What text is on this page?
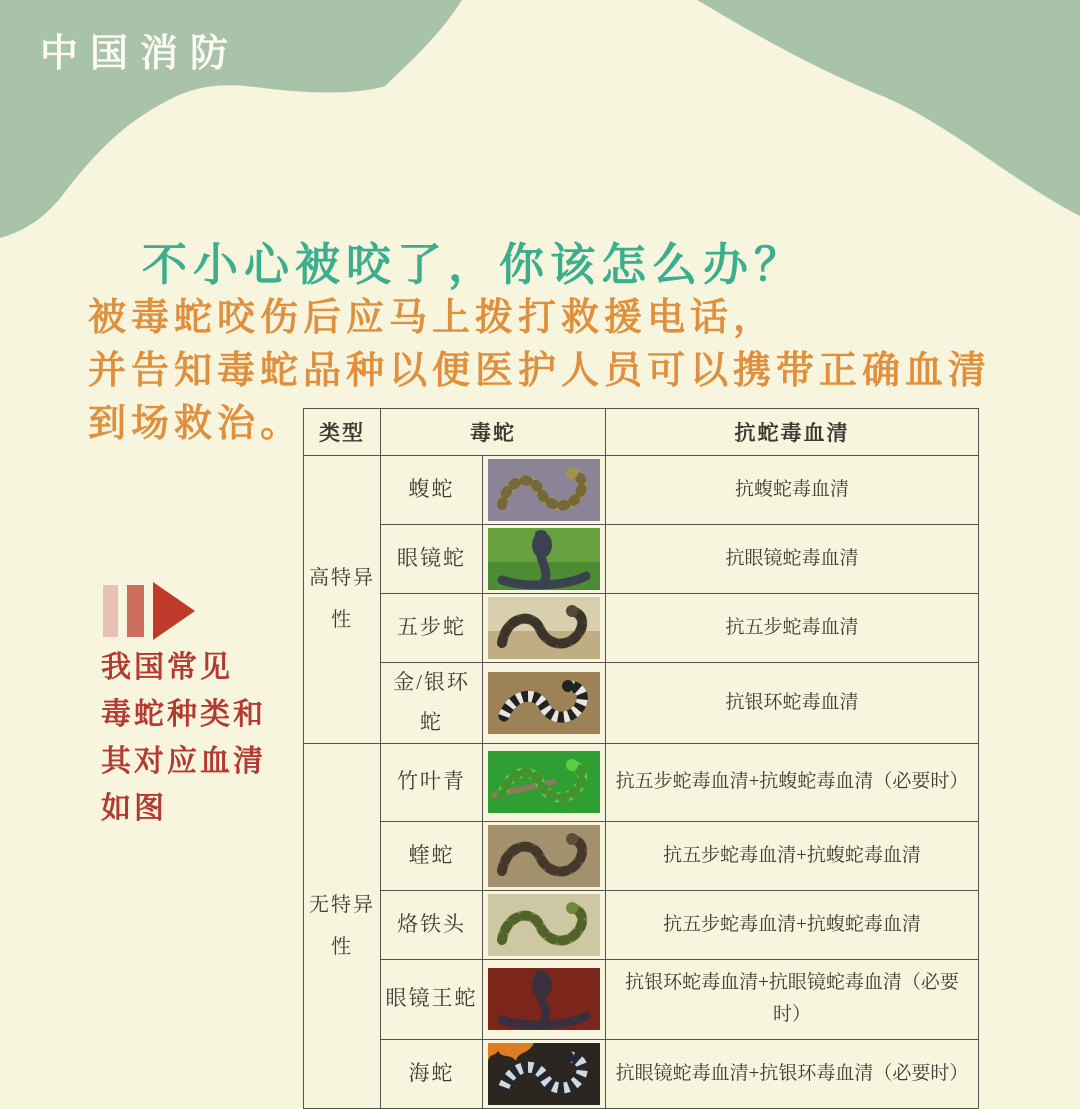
中国消防
不小心被咬了，你该怎么办？
被毒蛇咬伤后应马上拨打救援电话，
并告知毒蛇品种以便医护人员可以携带正确血清
到场救治。
我国常见
毒蛇种类和
其对应血清
如图
类型	毒蛇		抗蛇毒血清
高特异性	蝮蛇		抗蝮蛇毒血清
	眼镜蛇		抗眼镜蛇毒血清
	五步蛇		抗五步蛇毒血清
	金/银环蛇		抗银环蛇毒血清
无特异性	竹叶青		抗五步蛇毒血清+抗蝮蛇毒血清（必要时）
	蝰蛇		抗五步蛇毒血清+抗蝮蛇毒血清
	烙铁头		抗五步蛇毒血清+抗蝮蛇毒血清
	眼镜王蛇		抗银环蛇毒血清+抗眼镜蛇毒血清（必要时）
	海蛇		抗眼镜蛇毒血清+抗银环毒血清（必要时）
